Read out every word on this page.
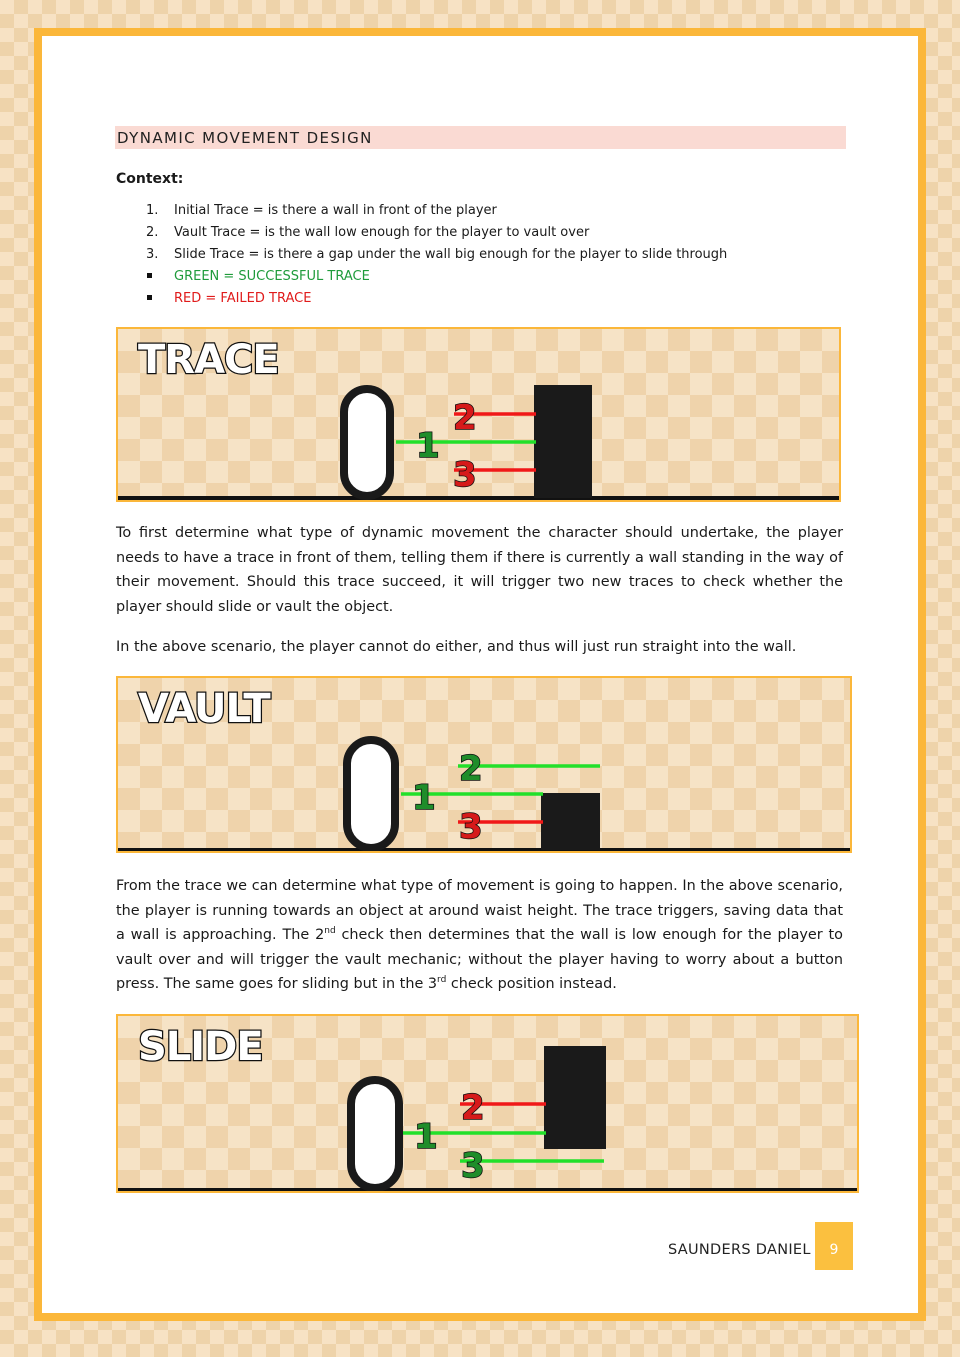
DYNAMIC MOVEMENT DESIGN
Context:
1.	Initial Trace = is there a wall in front of the player
2.	Vault Trace = is the wall low enough for the player to vault over
3.	Slide Trace = is there a gap under the wall big enough for the player to slide through
GREEN = SUCCESSFUL TRACE
RED = FAILED TRACE
TRACE
1
2
3

To first determine what type of dynamic movement the character should undertake, the player needs to have a trace in front of them, telling them if there is currently a wall standing in the way of their movement. Should this trace succeed, it will trigger two new traces to check whether the player should slide or vault the object.

In the above scenario, the player cannot do either, and thus will just run straight into the wall.

VAULT
1
2
3

From the trace we can determine what type of movement is going to happen. In the above scenario, the player is running towards an object at around waist height. The trace triggers, saving data that a wall is approaching. The 2nd check then determines that the wall is low enough for the player to vault over and will trigger the vault mechanic; without the player having to worry about a button press. The same goes for sliding but in the 3rd check position instead.

SLIDE
1
2
3
SAUNDERS DANIEL	9
